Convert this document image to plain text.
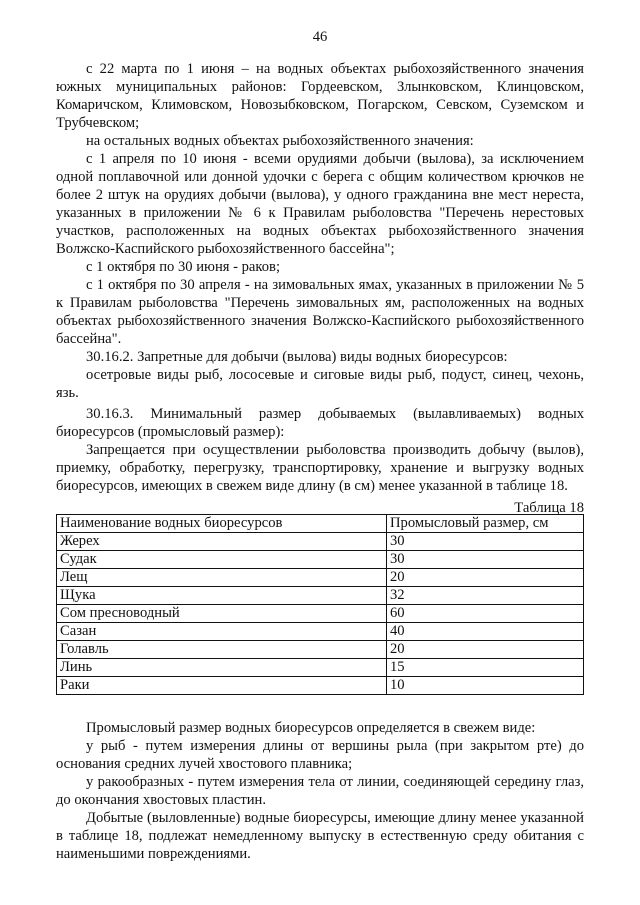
46

с 22 марта по 1 июня – на водных объектах рыбохозяйственного значения южных муниципальных районов: Гордеевском, Злынковском, Клинцовском, Комаричском, Климовском, Новозыбковском, Погарском, Севском, Суземском и Трубчевском;

на остальных водных объектах рыбохозяйственного значения:

с 1 апреля по 10 июня - всеми орудиями добычи (вылова), за исключением одной поплавочной или донной удочки с берега с общим количеством крючков не более 2 штук на орудиях добычи (вылова), у одного гражданина вне мест нереста, указанных в приложении № 6 к Правилам рыболовства "Перечень нерестовых участков, расположенных на водных объектах рыбохозяйственного значения Волжско-Каспийского рыбохозяйственного бассейна";

с 1 октября по 30 июня - раков;

с 1 октября по 30 апреля - на зимовальных ямах, указанных в приложении № 5 к Правилам рыболовства "Перечень зимовальных ям, расположенных на водных объектах рыбохозяйственного значения Волжско-Каспийского рыбохозяйственного бассейна".

30.16.2. Запретные для добычи (вылова) виды водных биоресурсов:

осетровые виды рыб, лососевые и сиговые виды рыб, подуст, синец, чехонь, язь.

30.16.3. Минимальный размер добываемых (вылавливаемых) водных биоресурсов (промысловый размер):

Запрещается при осуществлении рыболовства производить добычу (вылов), приемку, обработку, перегрузку, транспортировку, хранение и выгрузку водных биоресурсов, имеющих в свежем виде длину (в см) менее указанной в таблице 18.

Таблица 18
Наименование водных биоресурсов	Промысловый размер, см
Жерех	30
Судак	30
Лещ	20
Щука	32
Сом пресноводный	60
Сазан	40
Голавль	20
Линь	15
Раки	10

Промысловый размер водных биоресурсов определяется в свежем виде:

у рыб - путем измерения длины от вершины рыла (при закрытом рте) до основания средних лучей хвостового плавника;

у ракообразных - путем измерения тела от линии, соединяющей середину глаз, до окончания хвостовых пластин.

Добытые (выловленные) водные биоресурсы, имеющие длину менее указанной в таблице 18, подлежат немедленному выпуску в естественную среду обитания с наименьшими повреждениями.
